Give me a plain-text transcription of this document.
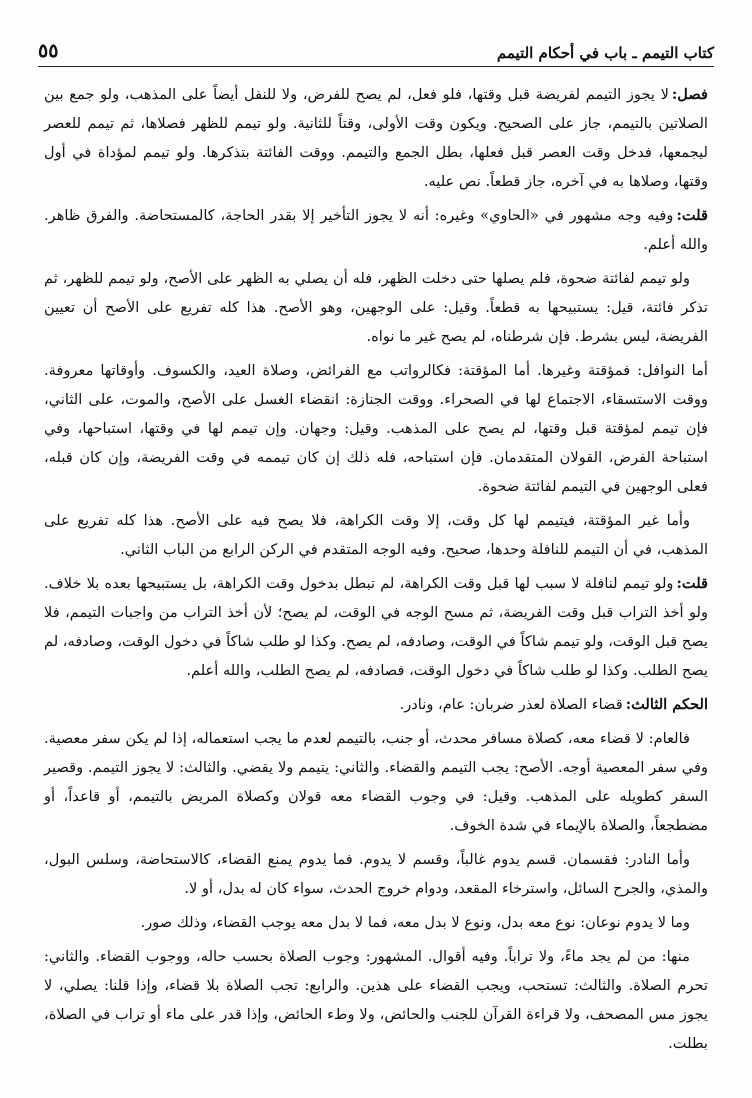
٥٥	كتاب التيمم ـ باب في أحكام التيمم

فصل:لا يجوز التيمم لفريضة قبل وقتها، فلو فعل، لم يصح للفرض، ولا للنفل أيضاً على المذهب، ولو جمع بين الصلاتين بالتيمم، جاز على الصحيح. ويكون وقت الأولى، وقتاً للثانية. ولو تيمم للظهر فصلاها، ثم تيمم للعصر ليجمعها، فدخل وقت العصر قبل فعلها، بطل الجمع والتيمم. ووقت الفائتة بتذكرها. ولو تيمم لمؤداة في أول وقتها، وصلاها به في آخره، جاز قطعاً. نص عليه.

قلت:وفيه وجه مشهور في «الحاوي» وغيره: أنه لا يجوز التأخير إلا بقدر الحاجة، كالمستحاضة. والفرق ظاهر. والله أعلم.

ولو تيمم لفائتة ضحوة، فلم يصلها حتى دخلت الظهر، فله أن يصلي به الظهر على الأصح، ولو تيمم للظهر، ثم تذكر فائتة، قيل: يستبيحها به قطعاً. وقيل: على الوجهين، وهو الأصح. هذا كله تفريع على الأصح أن تعيين الفريضة، ليس بشرط. فإن شرطناه، لم يصح غير ما نواه.

أما النوافل: فمؤقتة وغيرها. أما المؤقتة: فكالرواتب مع الفرائض، وصلاة العيد، والكسوف. وأوقاتها معروفة. ووقت الاستسقاء، الاجتماع لها في الصحراء. ووقت الجنازة: انقضاء الغسل على الأصح، والموت، على الثاني، فإن تيمم لمؤقتة قبل وقتها، لم يصح على المذهب. وقيل: وجهان. وإن تيمم لها في وقتها، استباحها، وفي استباحة الفرض، القولان المتقدمان. فإن استباحه، فله ذلك إن كان تيممه في وقت الفريضة، وإن كان قبله، فعلى الوجهين في التيمم لفائتة ضحوة.

وأما غير المؤقتة، فيتيمم لها كل وقت، إلا وقت الكراهة، فلا يصح فيه على الأصح. هذا كله تفريع على المذهب، في أن التيمم للنافلة وحدها، صحيح. وفيه الوجه المتقدم في الركن الرابع من الباب الثاني.

قلت:ولو تيمم لنافلة لا سبب لها قبل وقت الكراهة، لم تبطل بدخول وقت الكراهة، بل يستبيحها بعده بلا خلاف. ولو أخذ التراب قبل وقت الفريضة، ثم مسح الوجه في الوقت، لم يصح؛ لأن أخذ التراب من واجبات التيمم، فلا يصح قبل الوقت، ولو تيمم شاكاً في الوقت، وصادفه، لم يصح. وكذا لو طلب شاكاً في دخول الوقت، وصادفه، لم يصح الطلب. وكذا لو طلب شاكاً في دخول الوقت، فصادفه، لم يصح الطلب، والله أعلم.

الحكم الثالث:قضاء الصلاة لعذر ضربان: عام، ونادر.

فالعام: لا قضاء معه، كصلاة مسافر محدث، أو جنب، بالتيمم لعدم ما يجب استعماله، إذا لم يكن سفر معصية. وفي سفر المعصية أوجه. الأصح: يجب التيمم والقضاء. والثاني: يتيمم ولا يقضي. والثالث: لا يجوز التيمم. وقصير السفر كطويله على المذهب. وقيل: في وجوب القضاء معه قولان وكصلاة المريض بالتيمم، أو قاعداً، أو مضطجعاً، والصلاة بالإيماء في شدة الخوف.

وأما النادر: فقسمان. قسم يدوم غالباً، وقسم لا يدوم. فما يدوم يمنع القضاء، كالاستحاضة، وسلس البول، والمذي، والجرح السائل، واسترخاء المقعد، ودوام خروج الحدث، سواء كان له بدل، أو لا.

وما لا يدوم نوعان: نوع معه بدل، ونوع لا بدل معه، فما لا بدل معه يوجب القضاء، وذلك صور.

منها: من لم يجد ماءً، ولا تراباً. وفيه أقوال. المشهور: وجوب الصلاة بحسب حاله، ووجوب القضاء. والثاني: تحرم الصلاة. والثالث: تستحب، ويجب القضاء على هذين. والرابع: تجب الصلاة بلا قضاء، وإذا قلنا: يصلي، لا يجوز مس المصحف، ولا قراءة القرآن للجنب والحائض، ولا وطء الحائض، وإذا قدر على ماء أو تراب في الصلاة، بطلت.
